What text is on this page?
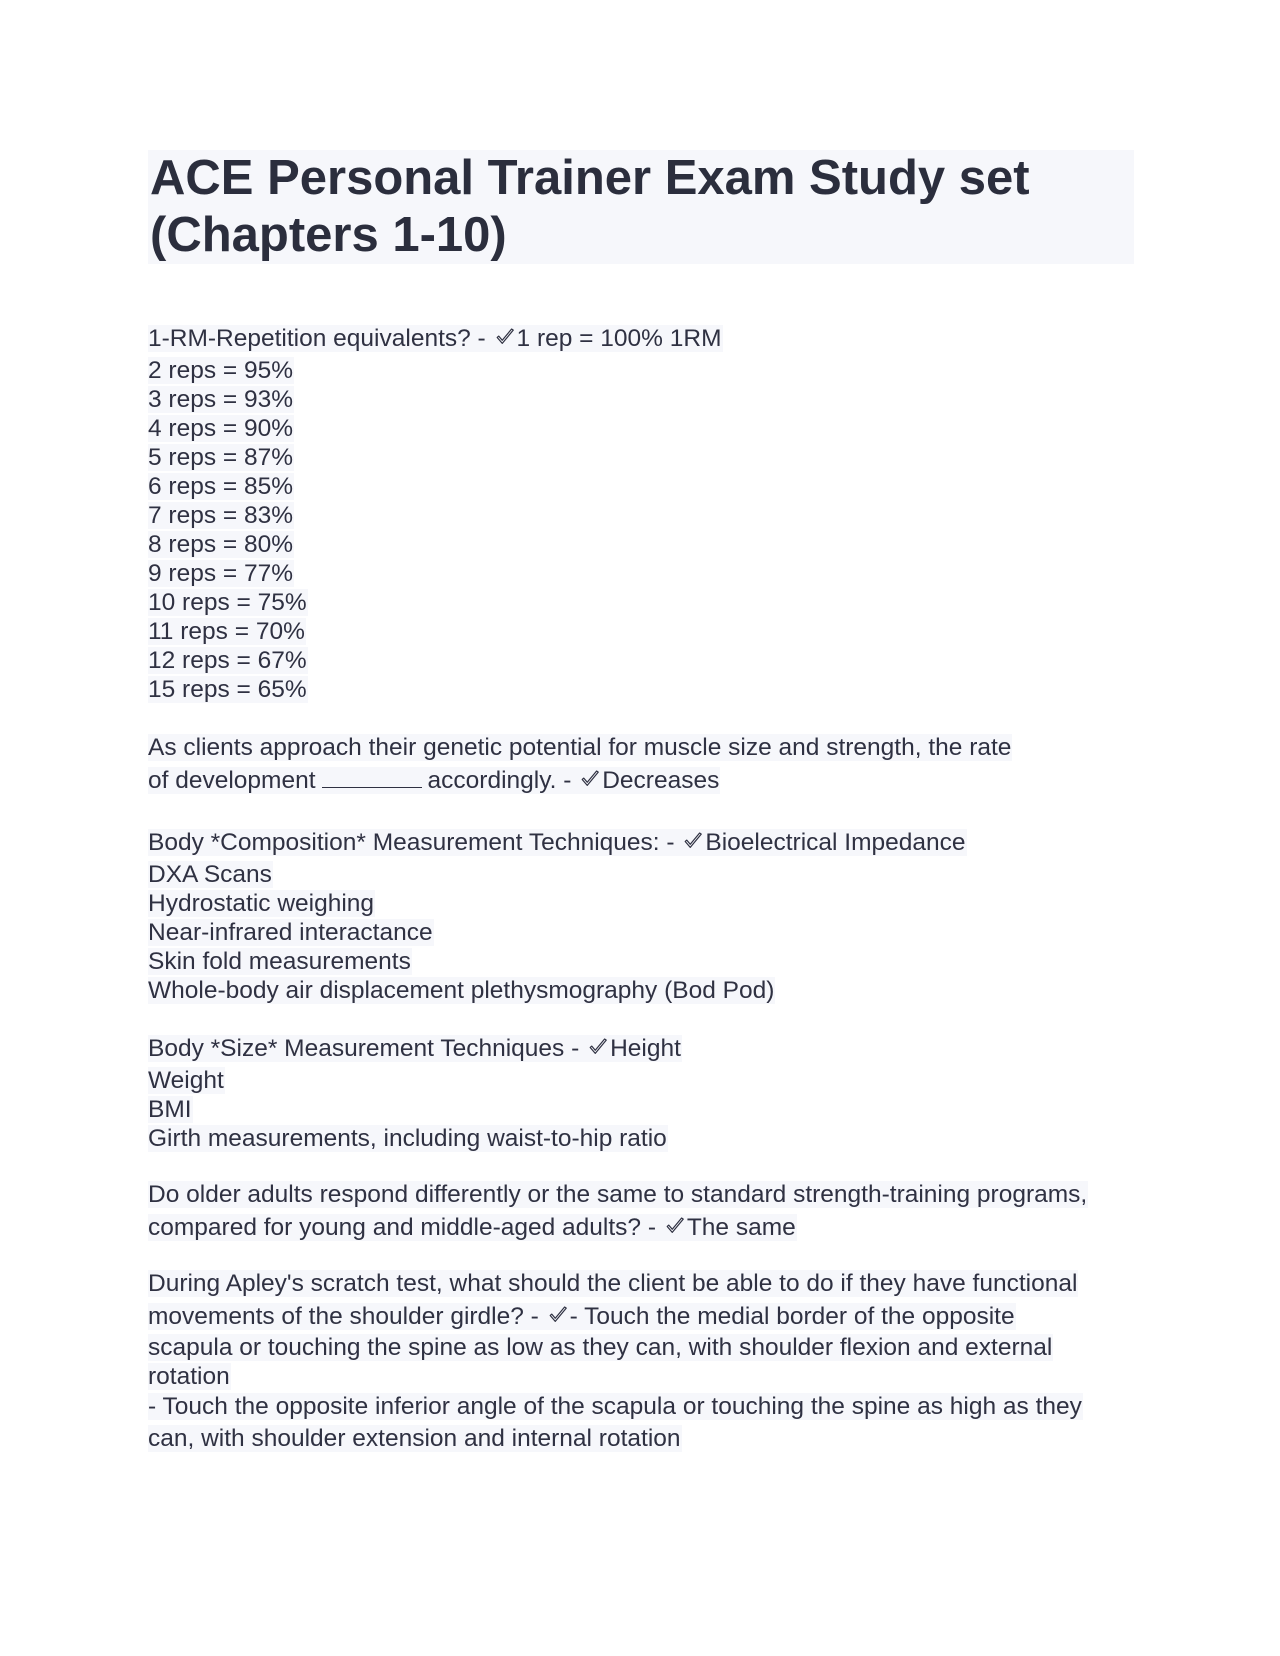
ACE Personal Trainer Exam Study set (Chapters 1-10)
1-RM-Repetition equivalents? -
1 rep = 100% 1RM
2 reps = 95%
3 reps = 93%
4 reps = 90%
5 reps = 87%
6 reps = 85%
7 reps = 83%
8 reps = 80%
9 reps = 77%
10 reps = 75%
11 reps = 70%
12 reps = 67%
15 reps = 65%
As clients approach their genetic potential for muscle size and strength, the rate of development	accordingly. -
Decreases
Body *Composition* Measurement Techniques: -
Bioelectrical Impedance
DXA Scans
Hydrostatic weighing
Near-infrared interactance
Skin fold measurements
Whole-body air displacement plethysmography (Bod Pod)
Body *Size* Measurement Techniques -
Height
Weight
BMI
Girth measurements, including waist-to-hip ratio
Do older adults respond differently or the same to standard strength-training programs, compared for young and middle-aged adults? -
The same
During Apley's scratch test, what should the client be able to do if they have functional
movements of the shoulder girdle? -
- Touch the medial border of the opposite
scapula or touching the spine as low as they can, with shoulder flexion and external
rotation
- Touch the opposite inferior angle of the scapula or touching the spine as high as they
can, with shoulder extension and internal rotation
